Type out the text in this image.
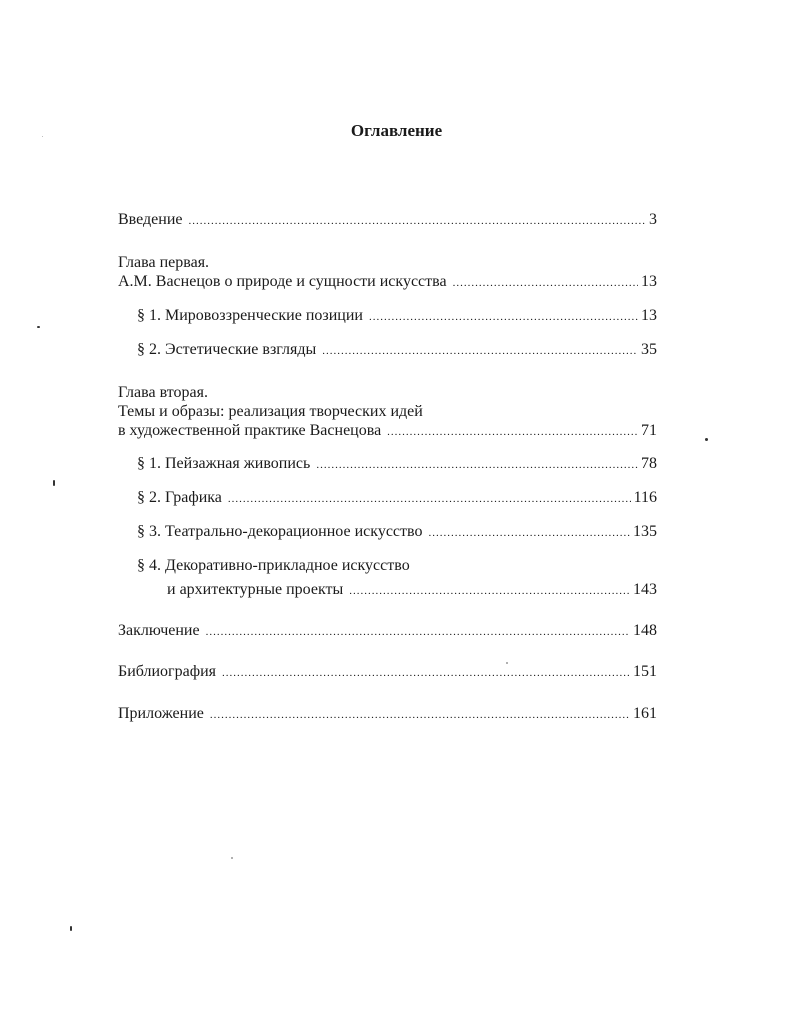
Оглавление
Введение .....	3
Глава первая.
А.М. Васнецов о природе и сущности искусства .....	13
§ 1. Мировоззренческие позиции .....	13
§ 2. Эстетические взгляды .....	35
Глава вторая.
Темы и образы: реализация творческих идей
в художественной практике Васнецова .....	71
§ 1. Пейзажная живопись .....	78
§ 2. Графика .....	116
§ 3. Театрально-декорационное искусство .....	135
§ 4. Декоративно-прикладное искусство
и архитектурные проекты .....	143
Заключение .....	148
Библиография .....	151
Приложение .....	161
